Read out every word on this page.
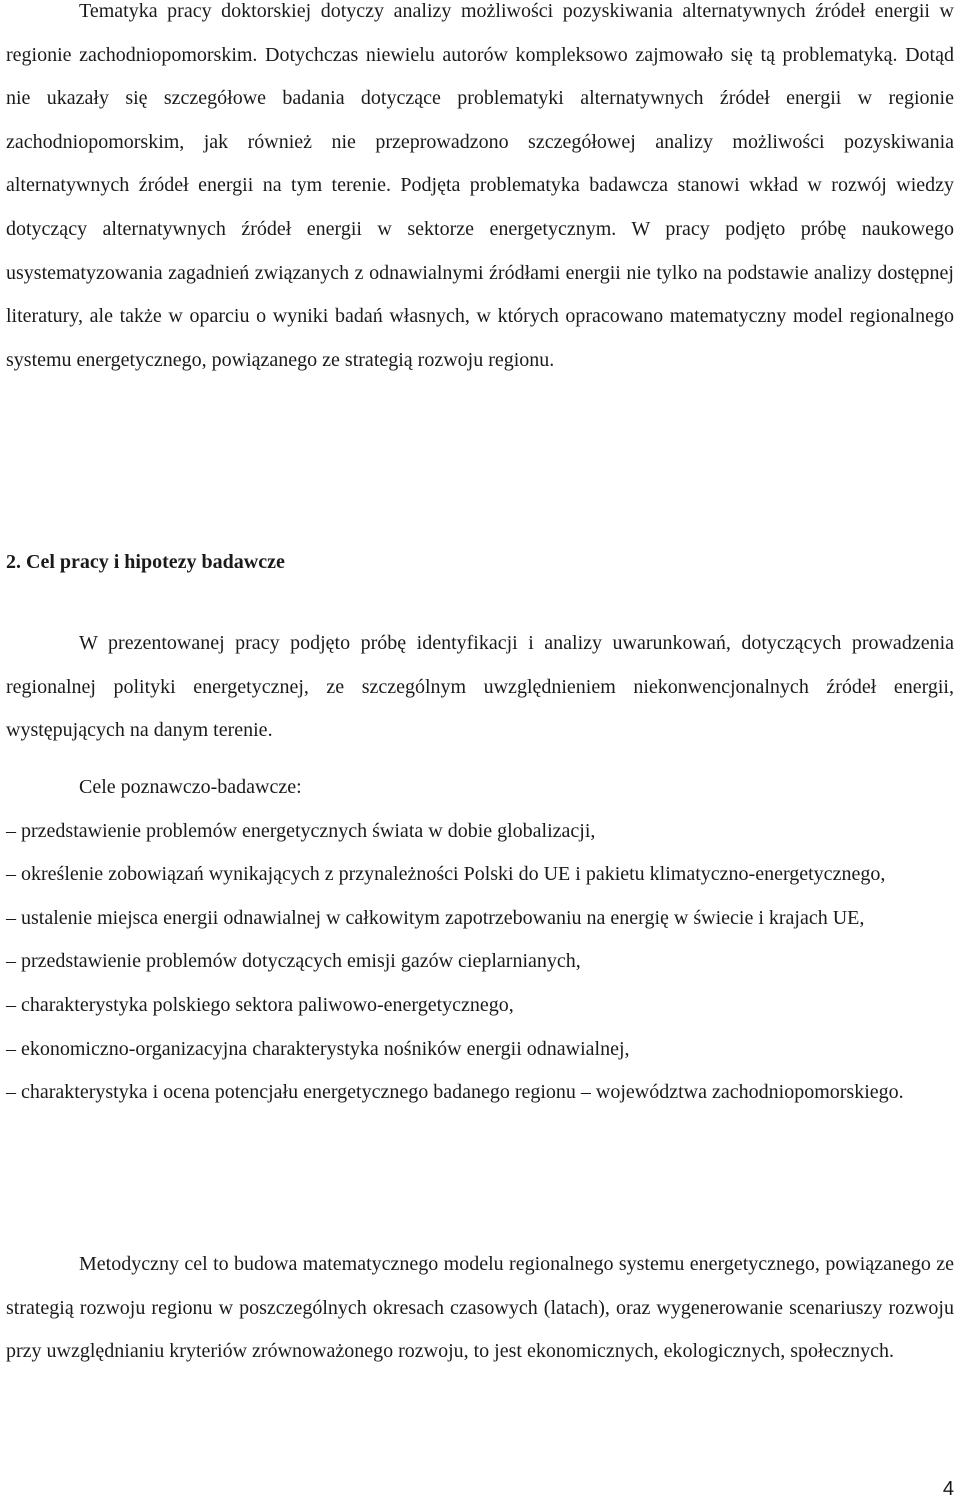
Tematyka pracy doktorskiej dotyczy analizy możliwości pozyskiwania alternatywnych źródeł energii w regionie zachodniopomorskim. Dotychczas niewielu autorów kompleksowo zajmowało się tą problematyką. Dotąd nie ukazały się szczegółowe badania dotyczące problematyki alternatywnych źródeł energii w regionie zachodniopomorskim, jak również nie przeprowadzono szczegółowej analizy możliwości pozyskiwania alternatywnych źródeł energii na tym terenie. Podjęta problematyka badawcza stanowi wkład w rozwój wiedzy dotyczący alternatywnych źródeł energii w sektorze energetycznym. W pracy podjęto próbę naukowego usystematyzowania zagadnień związanych z odnawialnymi źródłami energii nie tylko na podstawie analizy dostępnej literatury, ale także w oparciu o wyniki badań własnych, w których opracowano matematyczny model regionalnego systemu energetycznego, powiązanego ze strategią rozwoju regionu.

2. Cel pracy i hipotezy badawcze

W prezentowanej pracy podjęto próbę identyfikacji i analizy uwarunkowań, dotyczących prowadzenia regionalnej polityki energetycznej, ze szczególnym uwzględnieniem niekonwencjonalnych źródeł energii, występujących na danym terenie.

Cele poznawczo-badawcze:

– przedstawienie problemów energetycznych świata w dobie globalizacji,

– określenie zobowiązań wynikających z przynależności Polski do UE i pakietu klimatyczno-energetycznego,

– ustalenie miejsca energii odnawialnej w całkowitym zapotrzebowaniu na energię w świecie i krajach UE,

– przedstawienie problemów dotyczących emisji gazów cieplarnianych,

– charakterystyka polskiego sektora paliwowo-energetycznego,

– ekonomiczno-organizacyjna charakterystyka nośników energii odnawialnej,

– charakterystyka i ocena potencjału energetycznego badanego regionu – województwa zachodniopomorskiego.

Metodyczny cel to budowa matematycznego modelu regionalnego systemu energetycznego, powiązanego ze strategią rozwoju regionu w poszczególnych okresach czasowych (latach), oraz wygenerowanie scenariuszy rozwoju przy uwzględnianiu kryteriów zrównoważonego rozwoju, to jest ekonomicznych, ekologicznych, społecznych.

4
